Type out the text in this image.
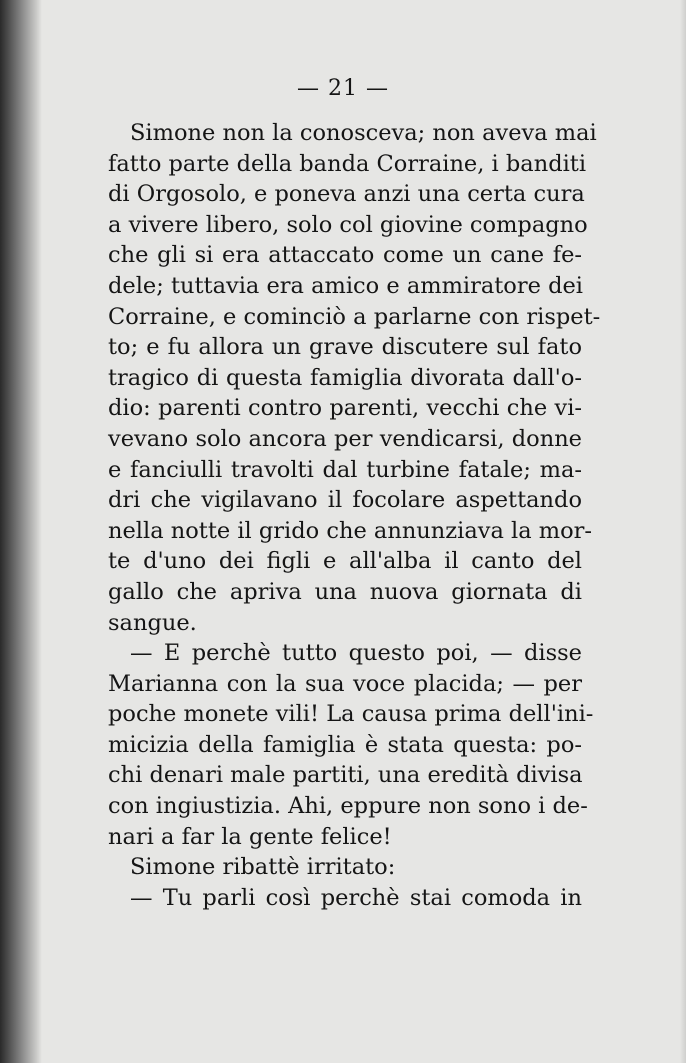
— 21 —
Simone non la conosceva; non aveva mai
fatto parte della banda Corraine, i banditi
di Orgosolo, e poneva anzi una certa cura
a vivere libero, solo col giovine compagno
che gli si era attaccato come un cane fe-
dele; tuttavia era amico e ammiratore dei
Corraine, e cominciò a parlarne con rispet-
to; e fu allora un grave discutere sul fato
tragico di questa famiglia divorata dall'o-
dio: parenti contro parenti, vecchi che vi-
vevano solo ancora per vendicarsi, donne
e fanciulli travolti dal turbine fatale; ma-
dri che vigilavano il focolare aspettando
nella notte il grido che annunziava la mor-
te d'uno dei figli e all'alba il canto del
gallo che apriva una nuova giornata di
sangue.
— E perchè tutto questo poi, — disse
Marianna con la sua voce placida; — per
poche monete vili! La causa prima dell'ini-
micizia della famiglia è stata questa: po-
chi denari male partiti, una eredità divisa
con ingiustizia. Ahi, eppure non sono i de-
nari a far la gente felice!
Simone ribattè irritato:
— Tu parli così perchè stai comoda in
